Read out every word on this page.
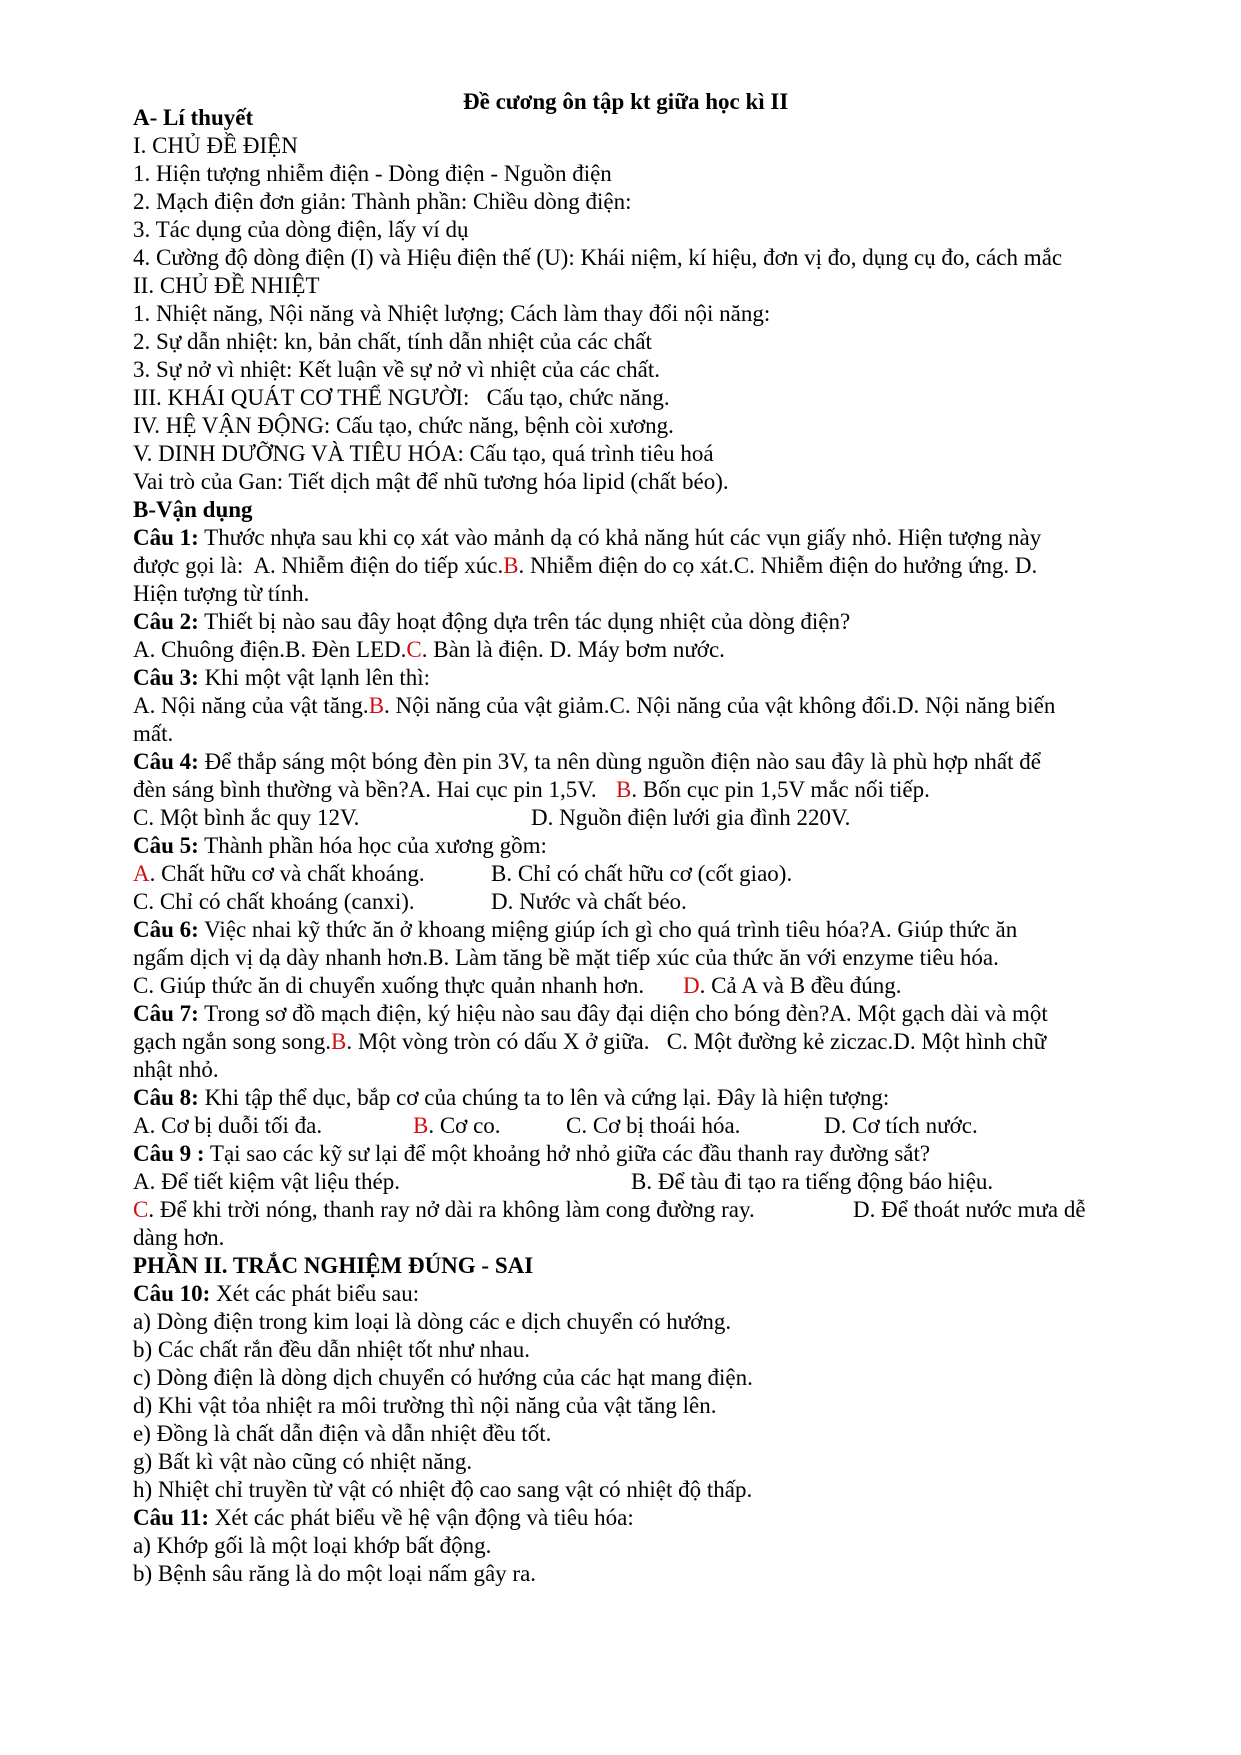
Đề cương ôn tập kt giữa học kì II
A- Lí thuyết
I. CHỦ ĐỀ ĐIỆN
1. Hiện tượng nhiễm điện - Dòng điện - Nguồn điện
2. Mạch điện đơn giản: Thành phần: Chiều dòng điện:
3. Tác dụng của dòng điện, lấy ví dụ
4. Cường độ dòng điện (I) và Hiệu điện thế (U): Khái niệm, kí hiệu, đơn vị đo, dụng cụ đo, cách mắc
II. CHỦ ĐỀ NHIỆT
1. Nhiệt năng, Nội năng và Nhiệt lượng; Cách làm thay đổi nội năng:
2. Sự dẫn nhiệt: kn, bản chất, tính dẫn nhiệt của các chất
3. Sự nở vì nhiệt: Kết luận về sự nở vì nhiệt của các chất.
III. KHÁI QUÁT CƠ THỂ NGƯỜI:   Cấu tạo, chức năng.
IV. HỆ VẬN ĐỘNG: Cấu tạo, chức năng, bệnh còi xương.
V. DINH DƯỠNG VÀ TIÊU HÓA: Cấu tạo, quá trình tiêu hoá
Vai trò của Gan: Tiết dịch mật để nhũ tương hóa lipid (chất béo).
B-Vận dụng
Câu 1: Thước nhựa sau khi cọ xát vào mảnh dạ có khả năng hút các vụn giấy nhỏ. Hiện tượng này
được gọi là:  A. Nhiễm điện do tiếp xúc.B. Nhiễm điện do cọ xát.C. Nhiễm điện do hưởng ứng. D.
Hiện tượng từ tính.
Câu 2: Thiết bị nào sau đây hoạt động dựa trên tác dụng nhiệt của dòng điện?
A. Chuông điện.B. Đèn LED.C. Bàn là điện. D. Máy bơm nước.
Câu 3: Khi một vật lạnh lên thì:
A. Nội năng của vật tăng.B. Nội năng của vật giảm.C. Nội năng của vật không đổi.D. Nội năng biến
mất.
Câu 4: Để thắp sáng một bóng đèn pin 3V, ta nên dùng nguồn điện nào sau đây là phù hợp nhất để
đèn sáng bình thường và bền?A. Hai cục pin 1,5V. B. Bốn cục pin 1,5V mắc nối tiếp.
C. Một bình ắc quy 12V.	D. Nguồn điện lưới gia đình 220V.
Câu 5: Thành phần hóa học của xương gồm:
A. Chất hữu cơ và chất khoáng.	B. Chỉ có chất hữu cơ (cốt giao).
C. Chỉ có chất khoáng (canxi).	D. Nước và chất béo.
Câu 6: Việc nhai kỹ thức ăn ở khoang miệng giúp ích gì cho quá trình tiêu hóa?A. Giúp thức ăn
ngấm dịch vị dạ dày nhanh hơn.B. Làm tăng bề mặt tiếp xúc của thức ăn với enzyme tiêu hóa.
C. Giúp thức ăn di chuyển xuống thực quản nhanh hơn. D. Cả A và B đều đúng.
Câu 7: Trong sơ đồ mạch điện, ký hiệu nào sau đây đại diện cho bóng đèn?A. Một gạch dài và một
gạch ngắn song song.B. Một vòng tròn có dấu X ở giữa.   C. Một đường kẻ ziczac.D. Một hình chữ
nhật nhỏ.
Câu 8: Khi tập thể dục, bắp cơ của chúng ta to lên và cứng lại. Đây là hiện tượng:
A. Cơ bị duỗi tối đa.	B. Cơ co.	C. Cơ bị thoái hóa.	D. Cơ tích nước.
Câu 9 : Tại sao các kỹ sư lại để một khoảng hở nhỏ giữa các đầu thanh ray đường sắt?
A. Để tiết kiệm vật liệu thép.	B. Để tàu đi tạo ra tiếng động báo hiệu.
C. Để khi trời nóng, thanh ray nở dài ra không làm cong đường ray.	D. Để thoát nước mưa dễ
dàng hơn.
PHẦN II. TRẮC NGHIỆM ĐÚNG - SAI
Câu 10: Xét các phát biểu sau:
a) Dòng điện trong kim loại là dòng các e dịch chuyển có hướng.
b) Các chất rắn đều dẫn nhiệt tốt như nhau.
c) Dòng điện là dòng dịch chuyển có hướng của các hạt mang điện.
d) Khi vật tỏa nhiệt ra môi trường thì nội năng của vật tăng lên.
e) Đồng là chất dẫn điện và dẫn nhiệt đều tốt.
g) Bất kì vật nào cũng có nhiệt năng.
h) Nhiệt chỉ truyền từ vật có nhiệt độ cao sang vật có nhiệt độ thấp.
Câu 11: Xét các phát biểu về hệ vận động và tiêu hóa:
a) Khớp gối là một loại khớp bất động.
b) Bệnh sâu răng là do một loại nấm gây ra.
